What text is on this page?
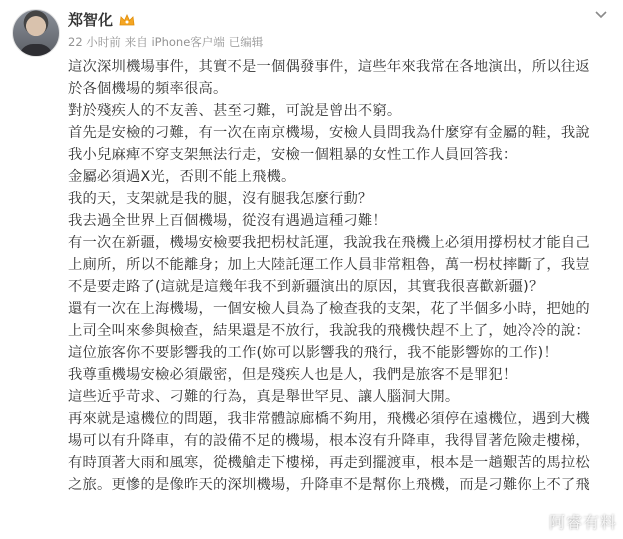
郑智化
22 小时前 来自 iPhone客户端 已编辑

這次深圳機場事件，其實不是一個偶發事件，這些年來我常在各地演出，所以往返

於各個機場的頻率很高。

對於殘疾人的不友善、甚至刁難，可說是曾出不窮。

首先是安檢的刁難，有一次在南京機場，安檢人員問我為什麼穿有金屬的鞋，我說

我小兒麻痺不穿支架無法行走，安檢一個粗暴的女性工作人員回答我：

金屬必須過X光，否則不能上飛機。

我的天，支架就是我的腿，沒有腿我怎麼行動？

我去過全世界上百個機場，從沒有遇過這種刁難！

有一次在新疆，機場安檢要我把枴杖託運，我說我在飛機上必須用撐枴杖才能自己

上廁所，所以不能離身；加上大陸託運工作人員非常粗魯，萬一枴杖摔斷了，我豈

不是要走路了(這就是這幾年我不到新疆演出的原因，其實我很喜歡新疆)？

還有一次在上海機場，一個安檢人員為了檢查我的支架，花了半個多小時，把她的

上司全叫來參與檢查，結果還是不放行，我說我的飛機快趕不上了，她冷冷的說：

這位旅客你不要影響我的工作(妳可以影響我的飛行，我不能影響妳的工作)！

我尊重機場安檢必須嚴密，但是殘疾人也是人，我們是旅客不是罪犯！

這些近乎苛求、刁難的行為，真是舉世罕見、讓人腦洞大開。

再來就是遠機位的問題，我非常體諒廊橋不夠用，飛機必須停在遠機位，遇到大機

場可以有升降車，有的設備不足的機場，根本沒有升降車，我得冒著危險走樓梯，

有時頂著大雨和風寒，從機艙走下樓梯，再走到擺渡車，根本是一趟艱苦的馬拉松

之旅。更慘的是像昨天的深圳機場，升降車不是幫你上飛機，而是刁難你上不了飛

阿睿有料
